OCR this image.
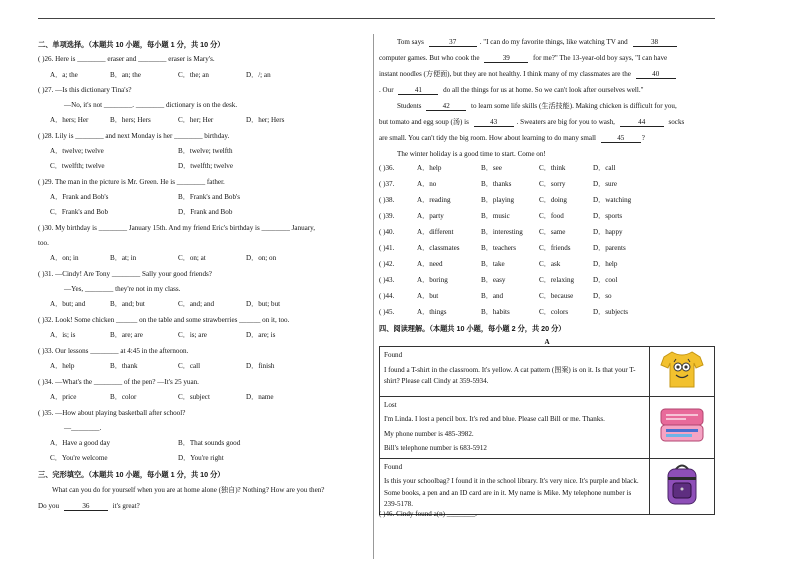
二、单项选择。（本题共 10 小题，每小题 1 分，共 10 分）
( )26. Here is ________ eraser and ________ eraser is Mary's.
A．a; the	B．an; the	C．the; an	D．/; an
( )27. —Is this dictionary Tina's?
—No, it's not ________. ________ dictionary is on the desk.
A．hers; Her	B．hers; Hers	C．her; Her	D．her; Hers
( )28. Lily is ________ and next Monday is her ________ birthday.
A．twelve; twelve	B．twelve; twelfth
C．twelfth; twelve	D．twelfth; twelve
( )29. The man in the picture is Mr. Green. He is ________ father.
A．Frank and Bob's	B．Frank's and Bob's
C．Frank's and Bob	D．Frank and Bob
( )30. My birthday is ________ January 15th. And my friend Eric's birthday is ________ January,
too.
A．on; in	B．at; in	C．on; at	D．on; on
( )31. —Cindy! Are Tony ________ Sally your good friends?
—Yes, ________ they're not in my class.
A．but; and	B．and; but	C．and; and	D．but; but
( )32. Look! Some chicken ______ on the table and some strawberries ______ on it, too.
A．is; is	B．are; are	C．is; are	D．are; is
( )33. Our lessons ________ at 4:45 in the afternoon.
A．help	B．thank	C．call	D．finish
( )34. —What's the ________ of the pen? —It's 25 yuan.
A．price	B．color	C．subject	D．name
( )35. —How about playing basketball after school?
—________.
A．Have a good day	B．That sounds good
C．You're welcome	D．You're right
三、完形填空。（本题共 10 小题，每小题 1 分，共 10 分）
What can you do for yourself when you are at home alone (独自)? Nothing? How are you then?
Do you	36	it's great?
Tom says	37	. "I can do my favorite things, like watching TV and	38
computer games. But who cook the	39	for me?" The 13-year-old boy says, "I can have
instant noodles (方便面), but they are not healthy. I think many of my classmates are the	40
. Our	41	do all the things for us at home. So we can't look after ourselves well."
Students	42	to learn some life skills (生活技能). Making chicken is difficult for you,
but tomato and egg soup (汤) is	43	. Sweaters are big for you to wash,	44	socks
are small. You can't tidy the big room. How about learning to do many small	45 ?
The winter holiday is a good time to start. Come on!
( )36.	A．help	B．see	C．think	D．call
( )37.	A．no	B．thanks	C．sorry	D．sure
( )38.	A．reading	B．playing	C．doing	D．watching
( )39.	A．party	B．music	C．food	D．sports
( )40.	A．different	B．interesting C．same	D．happy
( )41.	A．classmates	B．teachers	C．friends	D．parents
( )42.	A．need	B．take	C．ask	D．help
( )43.	A．boring	B．easy	C．relaxing	D．cool
( )44.	A．but	B．and	C．because	D．so
( )45.	A．things	B．habits	C．colors	D．subjects
四、阅读理解。（本题共 10 小题，每小题 2 分，共 20 分）
A
Found
I found a T-shirt in the classroom. It's yellow. A cat pattern (图案) is on it. Is that your T-shirt? Please call Cindy at 359-5934.	

Lost
I'm Linda. I lost a pencil box. It's red and blue. Please call Bill or me. Thanks.
My phone number is 485-3982.
Bill's telephone number is 683-5912	

Found
Is this your schoolbag? I found it in the school library. It's very nice. It's purple and black. Some books, a pen and an ID card are in it. My name is Mike. My telephone number is 239-5178.	
( )46. Cindy found a(n) ________.
